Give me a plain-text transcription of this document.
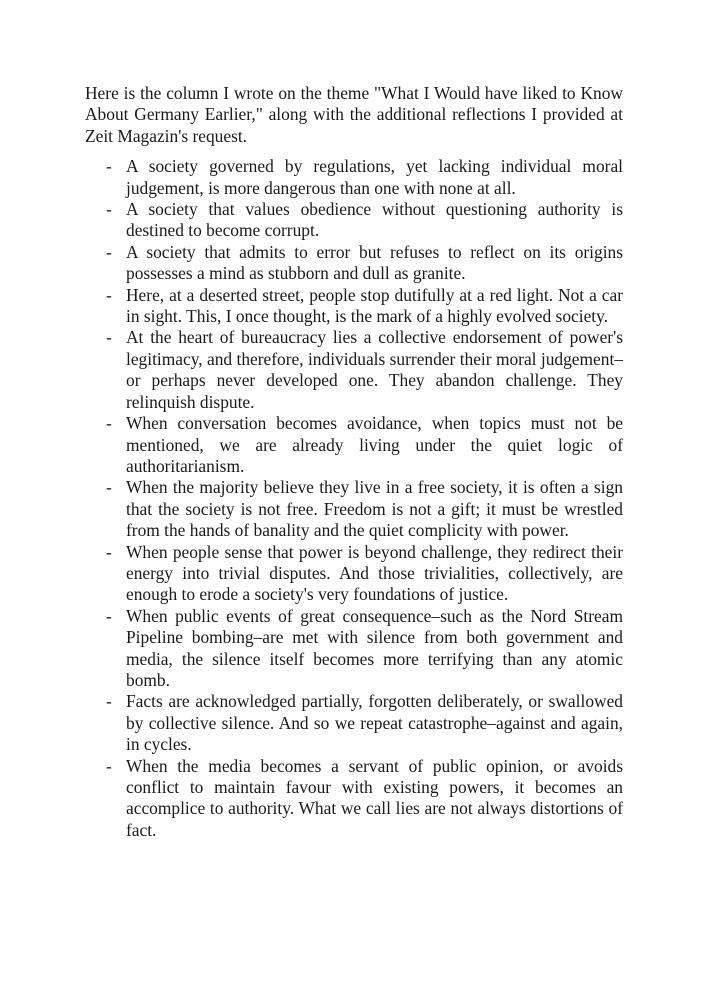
Here is the column I wrote on the theme "What I Would have liked to Know About Germany Earlier," along with the additional reflections I provided at Zeit Magazin's request.

- A society governed by regulations, yet lacking individual moral judgement, is more dangerous than one with none at all.
- A society that values obedience without questioning authority is destined to become corrupt.
- A society that admits to error but refuses to reflect on its origins possesses a mind as stubborn and dull as granite.
- Here, at a deserted street, people stop dutifully at a red light. Not a car in sight. This, I once thought, is the mark of a highly evolved society.
- At the heart of bureaucracy lies a collective endorsement of power's legitimacy, and therefore, individuals surrender their moral judgement–or perhaps never developed one. They abandon challenge. They relinquish dispute.
- When conversation becomes avoidance, when topics must not be mentioned, we are already living under the quiet logic of authoritarianism.
- When the majority believe they live in a free society, it is often a sign that the society is not free. Freedom is not a gift; it must be wrestled from the hands of banality and the quiet complicity with power.
- When people sense that power is beyond challenge, they redirect their energy into trivial disputes. And those trivialities, collectively, are enough to erode a society's very foundations of justice.
- When public events of great consequence–such as the Nord Stream Pipeline bombing–are met with silence from both government and media, the silence itself becomes more terrifying than any atomic bomb.
- Facts are acknowledged partially, forgotten deliberately, or swallowed by collective silence. And so we repeat catastrophe–against and again, in cycles.
- When the media becomes a servant of public opinion, or avoids conflict to maintain favour with existing powers, it becomes an accomplice to authority. What we call lies are not always distortions of fact.
